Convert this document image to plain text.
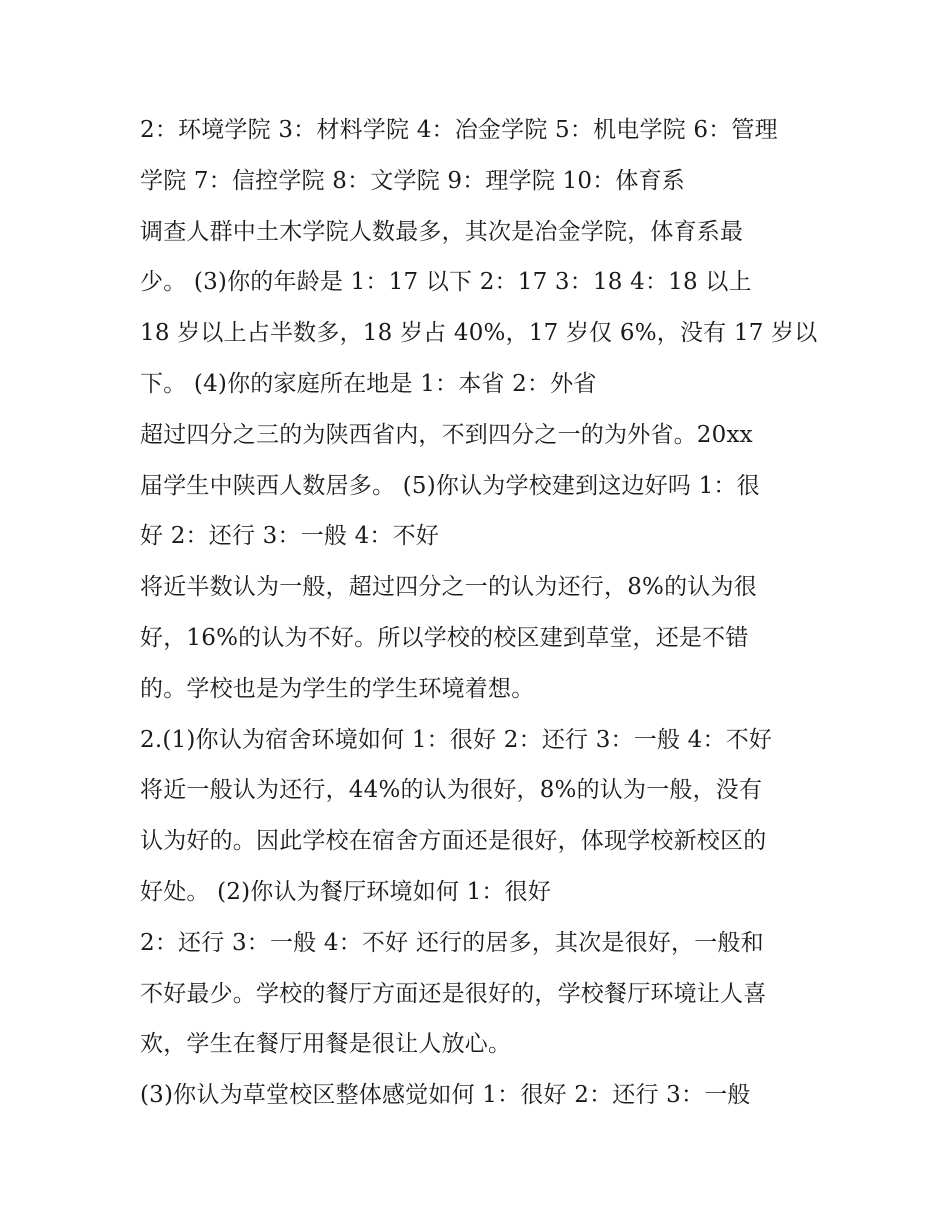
2：环境学院 3：材料学院 4：冶金学院 5：机电学院 6：管理
学院 7：信控学院 8：文学院 9：理学院 10：体育系
调查人群中土木学院人数最多，其次是冶金学院，体育系最
少。 (3)你的年龄是 1：17 以下 2：17 3：18 4：18 以上
18 岁以上占半数多，18 岁占 40%，17 岁仅 6%，没有 17 岁以
下。 (4)你的家庭所在地是 1：本省 2：外省
超过四分之三的为陕西省内，不到四分之一的为外省。20xx
届学生中陕西人数居多。 (5)你认为学校建到这边好吗 1：很
好 2：还行 3：一般 4：不好
将近半数认为一般，超过四分之一的认为还行，8%的认为很
好，16%的认为不好。所以学校的校区建到草堂，还是不错
的。学校也是为学生的学生环境着想。
2.(1)你认为宿舍环境如何 1：很好 2：还行 3：一般 4：不好
将近一般认为还行，44%的认为很好，8%的认为一般，没有
认为好的。因此学校在宿舍方面还是很好，体现学校新校区的
好处。 (2)你认为餐厅环境如何 1：很好
2：还行 3：一般 4：不好 还行的居多，其次是很好，一般和
不好最少。学校的餐厅方面还是很好的，学校餐厅环境让人喜
欢，学生在餐厅用餐是很让人放心。
(3)你认为草堂校区整体感觉如何 1：很好 2：还行 3：一般
